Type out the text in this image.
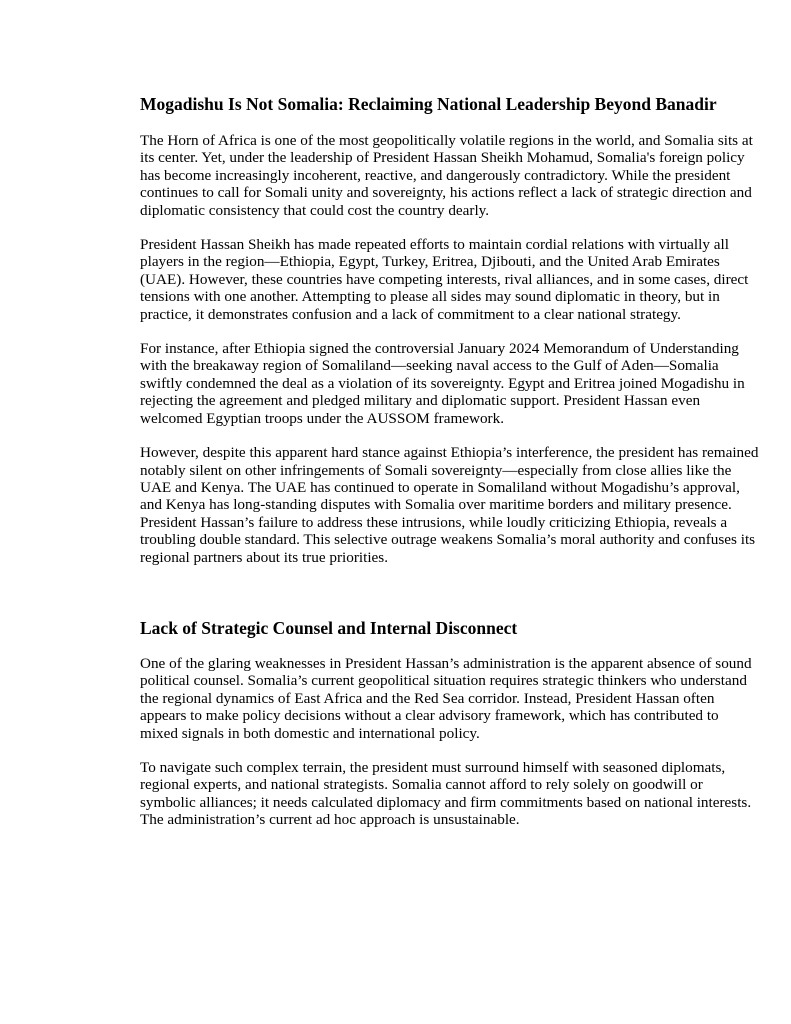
Mogadishu Is Not Somalia: Reclaiming National Leadership Beyond Banadir

The Horn of Africa is one of the most geopolitically volatile regions in the world, and Somalia sits at its center. Yet, under the leadership of President Hassan Sheikh Mohamud, Somalia's foreign policy has become increasingly incoherent, reactive, and dangerously contradictory. While the president continues to call for Somali unity and sovereignty, his actions reflect a lack of strategic direction and diplomatic consistency that could cost the country dearly.

President Hassan Sheikh has made repeated efforts to maintain cordial relations with virtually all players in the region—Ethiopia, Egypt, Turkey, Eritrea, Djibouti, and the United Arab Emirates (UAE). However, these countries have competing interests, rival alliances, and in some cases, direct tensions with one another. Attempting to please all sides may sound diplomatic in theory, but in practice, it demonstrates confusion and a lack of commitment to a clear national strategy.

For instance, after Ethiopia signed the controversial January 2024 Memorandum of Understanding with the breakaway region of Somaliland—seeking naval access to the Gulf of Aden—Somalia swiftly condemned the deal as a violation of its sovereignty. Egypt and Eritrea joined Mogadishu in rejecting the agreement and pledged military and diplomatic support. President Hassan even welcomed Egyptian troops under the AUSSOM framework.

However, despite this apparent hard stance against Ethiopia’s interference, the president has remained notably silent on other infringements of Somali sovereignty—especially from close allies like the UAE and Kenya. The UAE has continued to operate in Somaliland without Mogadishu’s approval, and Kenya has long-standing disputes with Somalia over maritime borders and military presence. President Hassan’s failure to address these intrusions, while loudly criticizing Ethiopia, reveals a troubling double standard. This selective outrage weakens Somalia’s moral authority and confuses its regional partners about its true priorities.

Lack of Strategic Counsel and Internal Disconnect

One of the glaring weaknesses in President Hassan’s administration is the apparent absence of sound political counsel. Somalia’s current geopolitical situation requires strategic thinkers who understand the regional dynamics of East Africa and the Red Sea corridor. Instead, President Hassan often appears to make policy decisions without a clear advisory framework, which has contributed to mixed signals in both domestic and international policy.

To navigate such complex terrain, the president must surround himself with seasoned diplomats, regional experts, and national strategists. Somalia cannot afford to rely solely on goodwill or symbolic alliances; it needs calculated diplomacy and firm commitments based on national interests. The administration’s current ad hoc approach is unsustainable.
